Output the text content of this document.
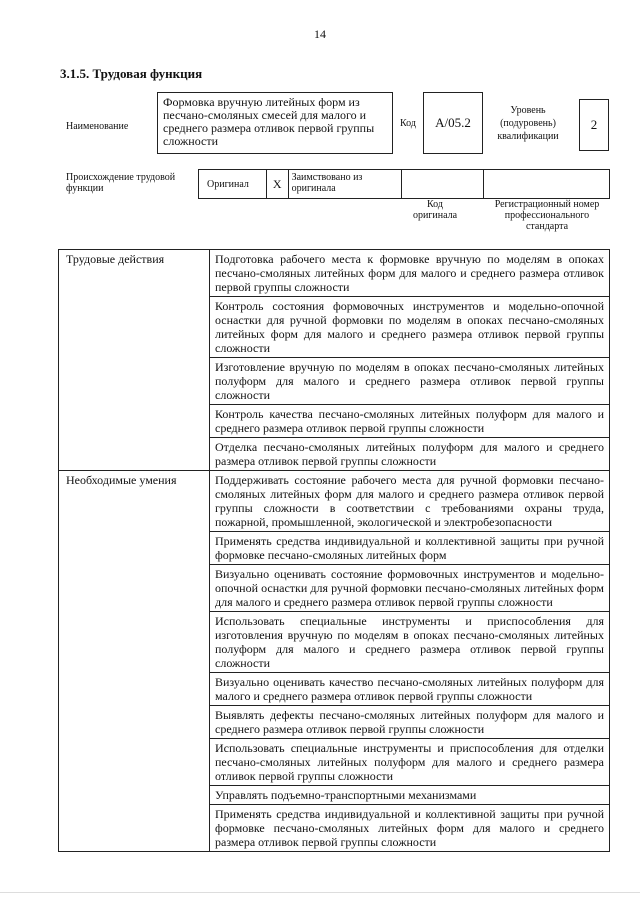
14
3.1.5. Трудовая функция
Наименование
Формовка вручную литейных форм из песчано-смоляных смесей для малого и среднего размера отливок первой группы сложности
Код	A/05.2
Уровень (подуровень) квалификации
2
Происхождение трудовой функции	Оригинал	X	Заимствовано из оригинала
Код оригинала
Регистрационный номер профессионального стандарта
Трудовые действия	Подготовка рабочего места к формовке вручную по моделям в опоках песчано-смоляных литейных форм для малого и среднего размера отливок первой группы сложности
	Контроль состояния формовочных инструментов и модельно-опочной оснастки для ручной формовки по моделям в опоках песчано-смоляных литейных форм для малого и среднего размера отливок первой группы сложности
	Изготовление вручную по моделям в опоках песчано-смоляных литейных полуформ для малого и среднего размера отливок первой группы сложности
	Контроль качества песчано-смоляных литейных полуформ для малого и среднего размера отливок первой группы сложности
	Отделка песчано-смоляных литейных полуформ для малого и среднего размера отливок первой группы сложности
Необходимые умения	Поддерживать состояние рабочего места для ручной формовки песчано-смоляных литейных форм для малого и среднего размера отливок первой группы сложности в соответствии с требованиями охраны труда, пожарной, промышленной, экологической и электробезопасности
	Применять средства индивидуальной и коллективной защиты при ручной формовке песчано-смоляных литейных форм
	Визуально оценивать состояние формовочных инструментов и модельно-опочной оснастки для ручной формовки песчано-смоляных литейных форм для малого и среднего размера отливок первой группы сложности
	Использовать специальные инструменты и приспособления для изготовления вручную по моделям в опоках песчано-смоляных литейных полуформ для малого и среднего размера отливок первой группы сложности
	Визуально оценивать качество песчано-смоляных литейных полуформ для малого и среднего размера отливок первой группы сложности
	Выявлять дефекты песчано-смоляных литейных полуформ для малого и среднего размера отливок первой группы сложности
	Использовать специальные инструменты и приспособления для отделки песчано-смоляных литейных полуформ для малого и среднего размера отливок первой группы сложности
	Управлять подъемно-транспортными механизмами
	Применять средства индивидуальной и коллективной защиты при ручной формовке песчано-смоляных литейных форм для малого и среднего размера отливок первой группы сложности
